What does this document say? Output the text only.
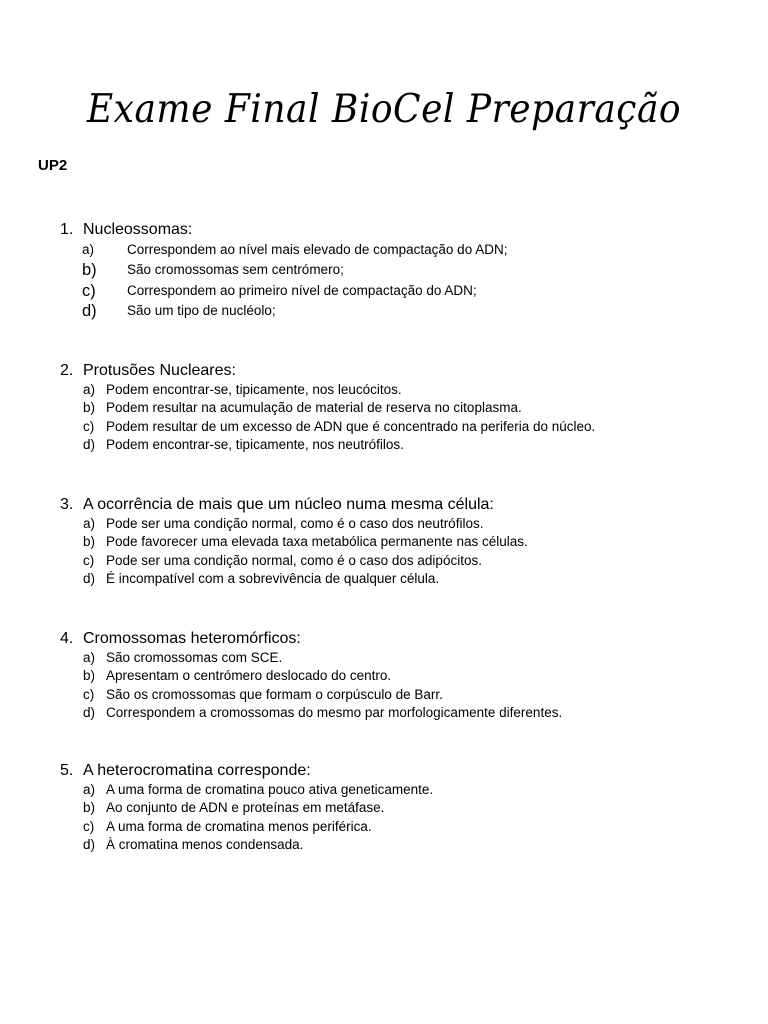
Exame Final BioCel Preparação
UP2
1. Nucleossomas:
a)	Correspondem ao nível mais elevado de compactação do ADN;
b)	São cromossomas sem centrómero;
c)	Correspondem ao primeiro nível de compactação do ADN;
d)	São um tipo de nucléolo;
2. Protusões Nucleares:
a) Podem encontrar-se, tipicamente, nos leucócitos.
b) Podem resultar na acumulação de material de reserva no citoplasma.
c) Podem resultar de um excesso de ADN que é concentrado na periferia do núcleo.
d) Podem encontrar-se, tipicamente, nos neutrófilos.
3. A ocorrência de mais que um núcleo numa mesma célula:
a) Pode ser uma condição normal, como é o caso dos neutrófilos.
b) Pode favorecer uma elevada taxa metabólica permanente nas células.
c) Pode ser uma condição normal, como é o caso dos adipócitos.
d) É incompatível com a sobrevivência de qualquer célula.
4. Cromossomas heteromórficos:
a) São cromossomas com SCE.
b) Apresentam o centrómero deslocado do centro.
c) São os cromossomas que formam o corpúsculo de Barr.
d) Correspondem a cromossomas do mesmo par morfologicamente diferentes.
5. A heterocromatina corresponde:
a) A uma forma de cromatina pouco ativa geneticamente.
b) Ao conjunto de ADN e proteínas em metáfase.
c) A uma forma de cromatina menos periférica.
d) À cromatina menos condensada.
